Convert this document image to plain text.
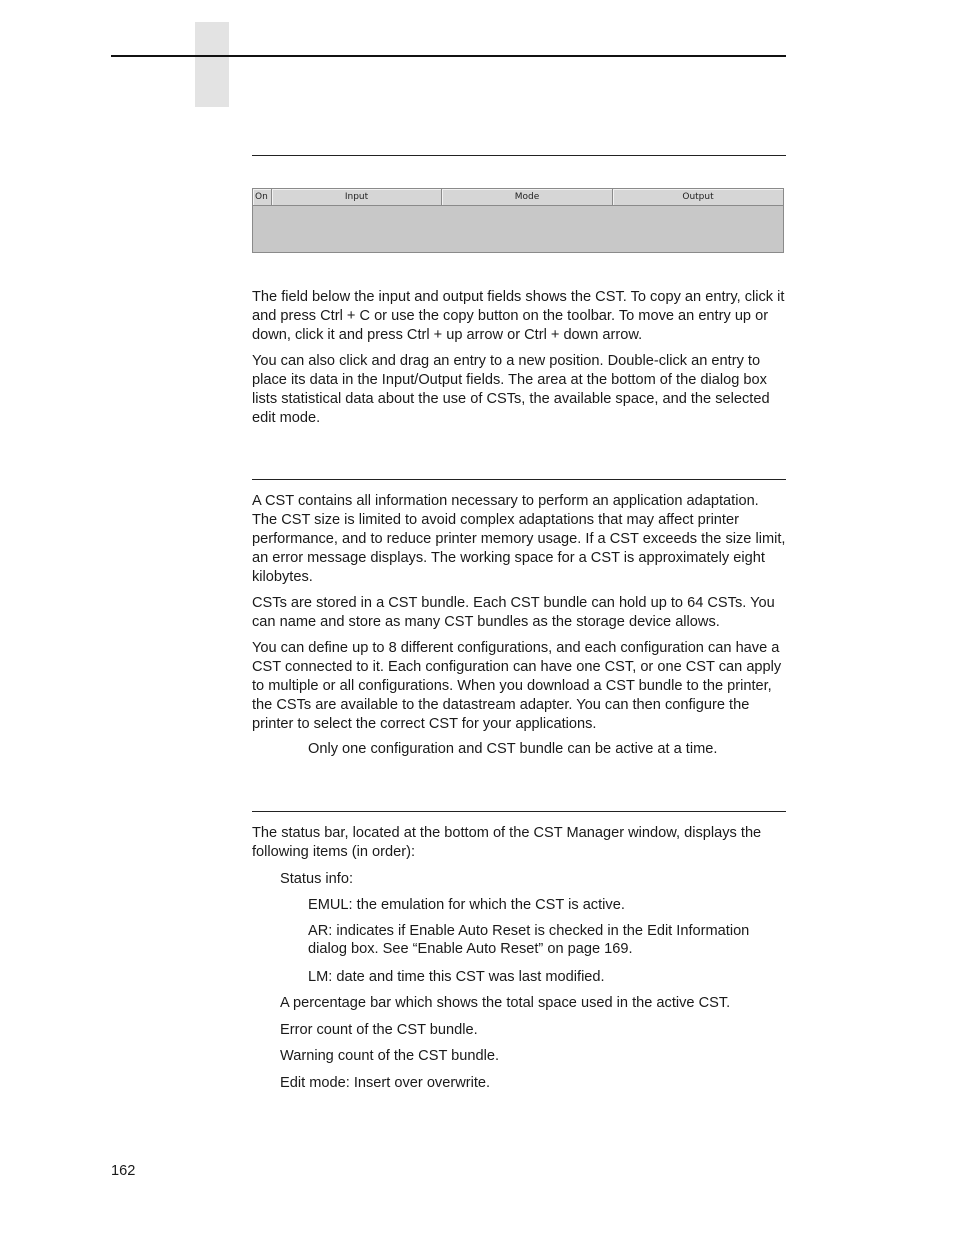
On	Input	Mode	Output

The field below the input and output fields shows the CST. To copy an entry, click it and press Ctrl + C or use the copy button on the toolbar. To move an entry up or down, click it and press Ctrl + up arrow or Ctrl + down arrow.

You can also click and drag an entry to a new position. Double-click an entry to place its data in the Input/Output fields. The area at the bottom of the dialog box lists statistical data about the use of CSTs, the available space, and the selected edit mode.

A CST contains all information necessary to perform an application adaptation. The CST size is limited to avoid complex adaptations that may affect printer performance, and to reduce printer memory usage. If a CST exceeds the size limit, an error message displays. The working space for a CST is approximately eight kilobytes.

CSTs are stored in a CST bundle. Each CST bundle can hold up to 64 CSTs. You can name and store as many CST bundles as the storage device allows.

You can define up to 8 different configurations, and each configuration can have a CST connected to it. Each configuration can have one CST, or one CST can apply to multiple or all configurations. When you download a CST bundle to the printer, the CSTs are available to the datastream adapter. You can then configure the printer to select the correct CST for your applications.

Only one configuration and CST bundle can be active at a time.

The status bar, located at the bottom of the CST Manager window, displays the following items (in order):

Status info:

EMUL: the emulation for which the CST is active.

AR: indicates if Enable Auto Reset is checked in the Edit Information dialog box. See “Enable Auto Reset” on page 169.

LM: date and time this CST was last modified.

A percentage bar which shows the total space used in the active CST.

Error count of the CST bundle.

Warning count of the CST bundle.

Edit mode: Insert over overwrite.

162
